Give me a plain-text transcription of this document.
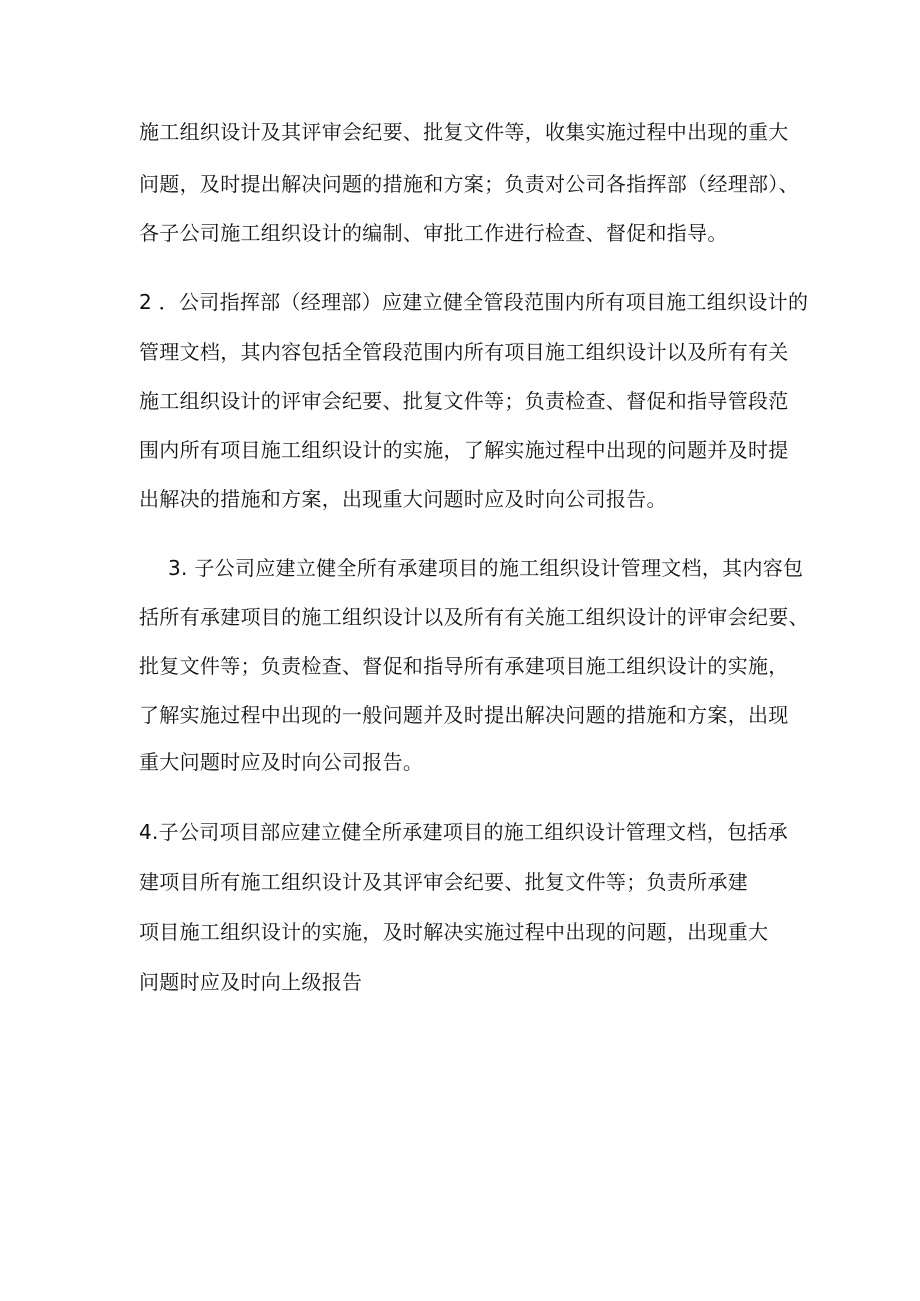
施工组织设计及其评审会纪要、批复文件等，收集实施过程中出现的重大
问题，及时提出解决问题的措施和方案；负责对公司各指挥部（经理部）、
各子公司施工组织设计的编制、审批工作进行检查、督促和指导。
2 ．公司指挥部（经理部）应建立健全管段范围内所有项目施工组织设计的
管理文档，其内容包括全管段范围内所有项目施工组织设计以及所有有关
施工组织设计的评审会纪要、批复文件等；负责检查、督促和指导管段范
围内所有项目施工组织设计的实施，了解实施过程中出现的问题并及时提
出解决的措施和方案，出现重大问题时应及时向公司报告。
3. 子公司应建立健全所有承建项目的施工组织设计管理文档，其内容包
括所有承建项目的施工组织设计以及所有有关施工组织设计的评审会纪要、
批复文件等；负责检查、督促和指导所有承建项目施工组织设计的实施，
了解实施过程中出现的一般问题并及时提出解决问题的措施和方案，出现
重大问题时应及时向公司报告。
4.子公司项目部应建立健全所承建项目的施工组织设计管理文档，包括承
建项目所有施工组织设计及其评审会纪要、批复文件等；负责所承建
项目施工组织设计的实施，及时解决实施过程中出现的问题，出现重大
问题时应及时向上级报告
